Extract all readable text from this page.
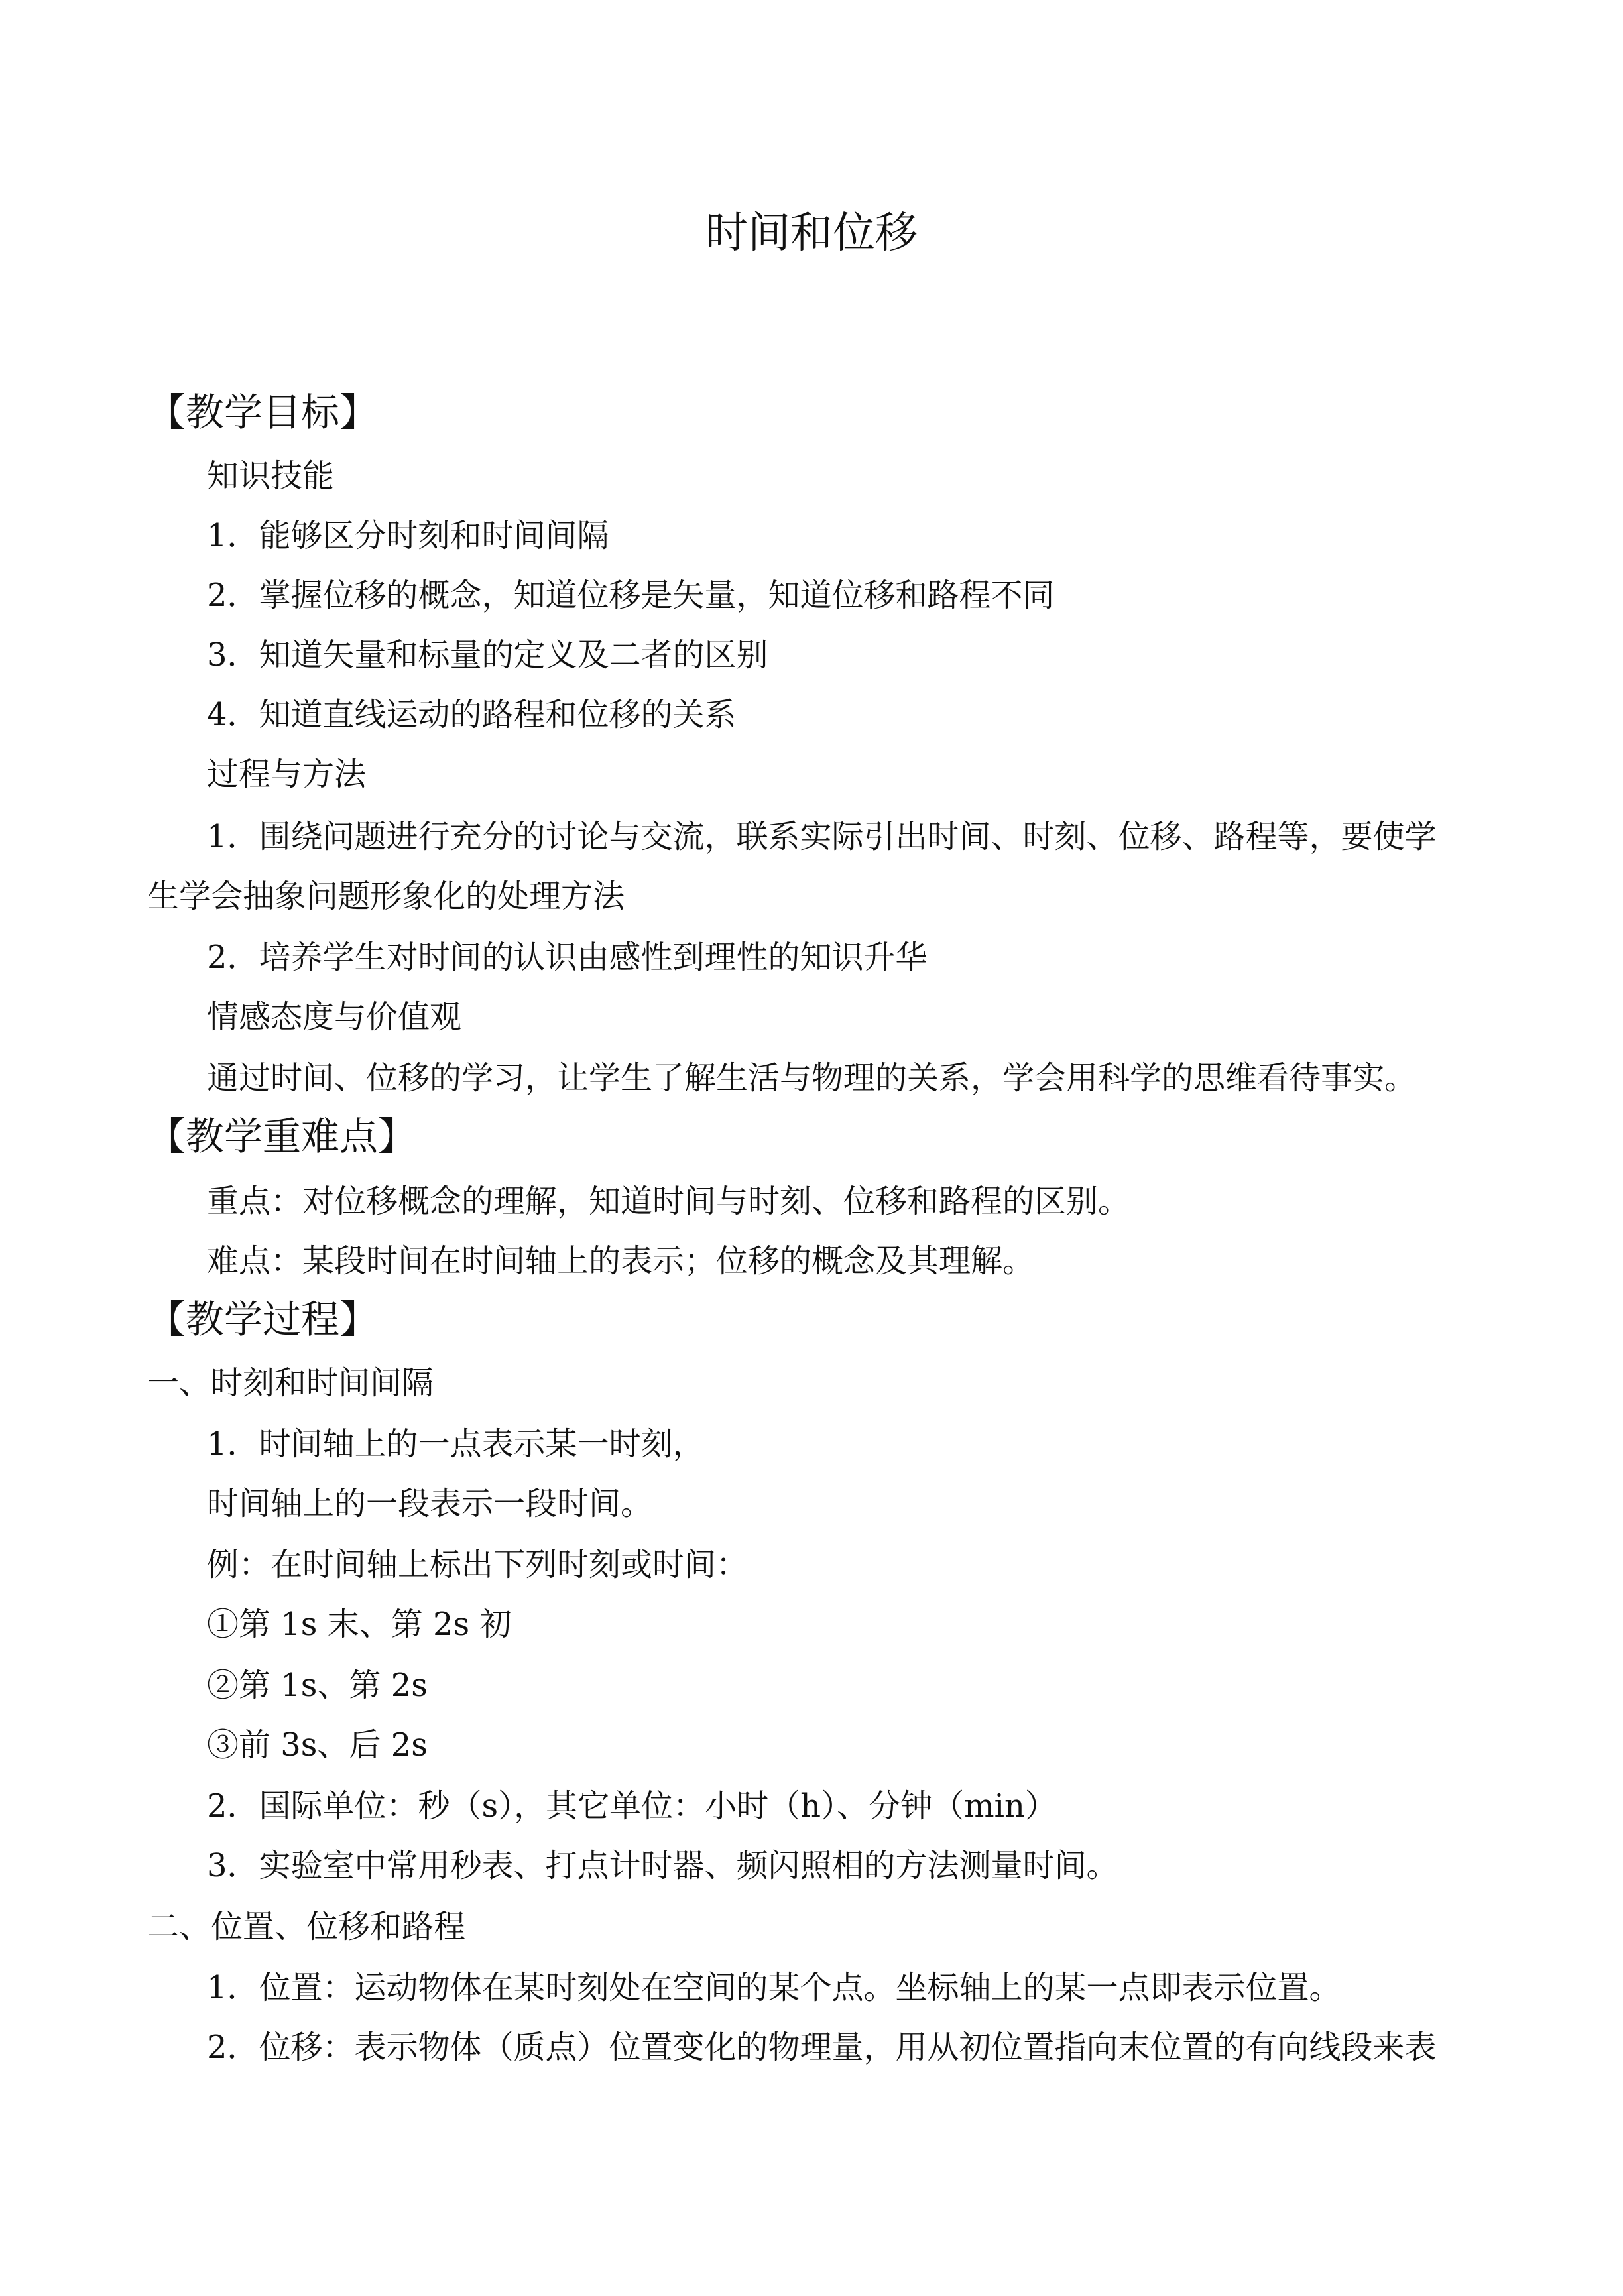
时间和位移
【教学目标】
知识技能
1．能够区分时刻和时间间隔
2．掌握位移的概念，知道位移是矢量，知道位移和路程不同
3．知道矢量和标量的定义及二者的区别
4．知道直线运动的路程和位移的关系
过程与方法
1．围绕问题进行充分的讨论与交流，联系实际引出时间、时刻、位移、路程等，要使学
生学会抽象问题形象化的处理方法
2．培养学生对时间的认识由感性到理性的知识升华
情感态度与价值观
通过时间、位移的学习，让学生了解生活与物理的关系，学会用科学的思维看待事实。
【教学重难点】
重点：对位移概念的理解，知道时间与时刻、位移和路程的区别。
难点：某段时间在时间轴上的表示；位移的概念及其理解。
【教学过程】
一、时刻和时间间隔
1．时间轴上的一点表示某一时刻，
时间轴上的一段表示一段时间。
例：在时间轴上标出下列时刻或时间：
①第 1s 末、第 2s 初
②第 1s、第 2s
③前 3s、后 2s
2．国际单位：秒（s），其它单位：小时（h）、分钟（min）
3．实验室中常用秒表、打点计时器、频闪照相的方法测量时间。
二、位置、位移和路程
1．位置：运动物体在某时刻处在空间的某个点。坐标轴上的某一点即表示位置。
2．位移：表示物体（质点）位置变化的物理量，用从初位置指向末位置的有向线段来表
